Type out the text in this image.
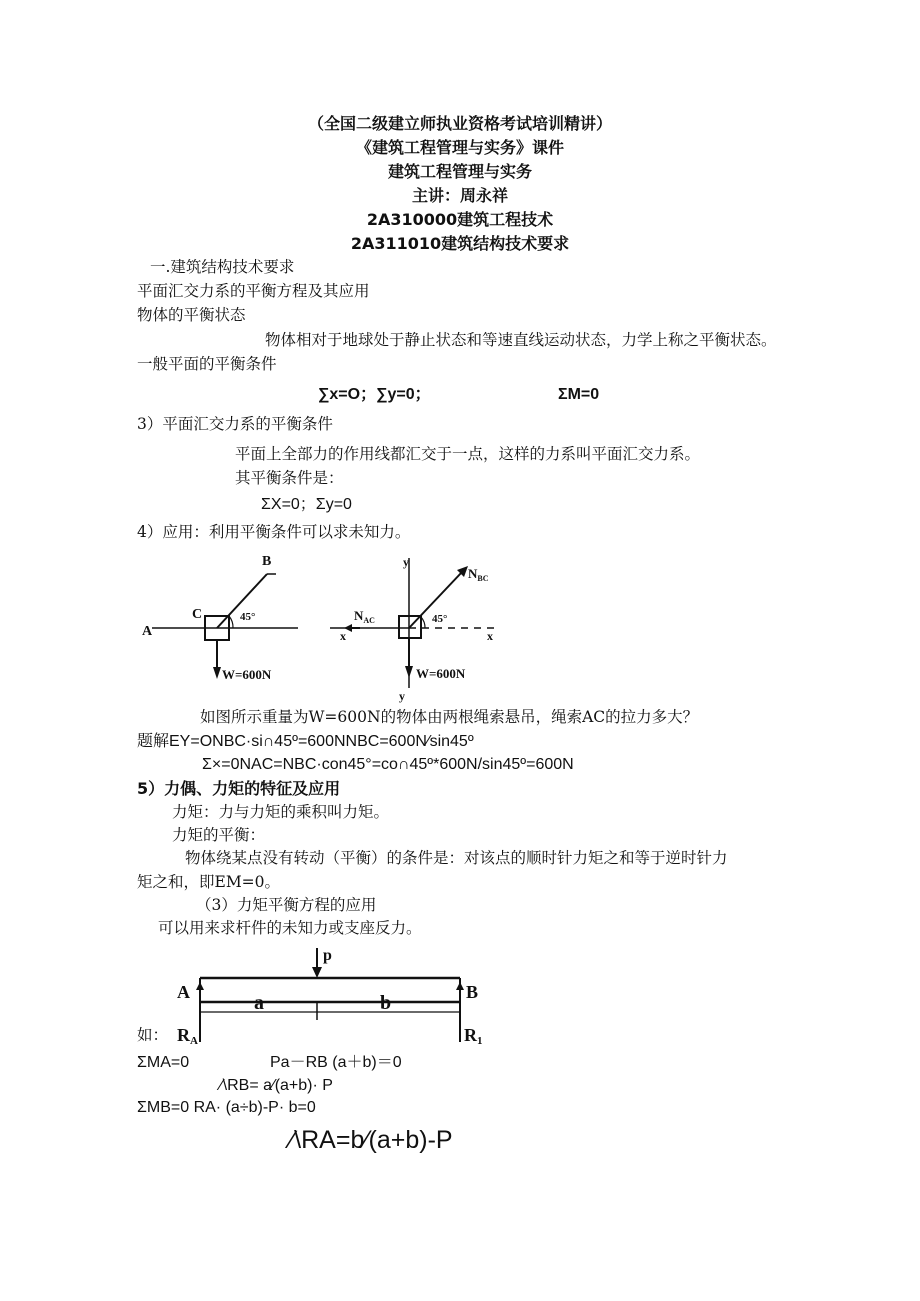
（全国二级建立师执业资格考试培训精讲）
《建筑工程管理与实务》课件
建筑工程管理与实务
主讲：周永祥
2A310000建筑工程技术
2A311010建筑结构技术要求
一.建筑结构技术要求
平面汇交力系的平衡方程及其应用
物体的平衡状态
物体相对于地球处于静止状态和等速直线运动状态，力学上称之平衡状态。
一般平面的平衡条件
∑x=O；∑y=0；	ΣM=0
3）平面汇交力系的平衡条件
平面上全部力的作用线都汇交于一点，这样的力系叫平面汇交力系。
其平衡条件是：
ΣX=0；Σy=0
4）应用：利用平衡条件可以求未知力。
A
B
C	45°
W=600N
y
y
x	x
$N_{BC}$
$N_{AC}$	45°
W=600N
如图所示重量为W=600N的物体由两根绳索悬吊，绳索AC的拉力多大？
题解EY=ONBC·si∩45º=600NNBC=600N⁄sin45º
Σ×=0NAC=NBC·con45°=co∩45º*600N/sin45º=600N
5）力偶、力矩的特征及应用
力矩：力与力矩的乘积叫力矩。
力矩的平衡：
物体绕某点没有转动（平衡）的条件是：对该点的顺时针力矩之和等于逆时针力
矩之和，即EM=0。
（3）力矩平衡方程的应用
可以用来求杆件的未知力或支座反力。
p
A	B
a	b
RA	R1
如：
ΣMA=0	Pa－RB (a＋b)＝0
∕\RB= a⁄(a+b)· P
ΣMB=0 RA· (a÷b)-P· b=0
∕\RA=b⁄(a+b)-P
